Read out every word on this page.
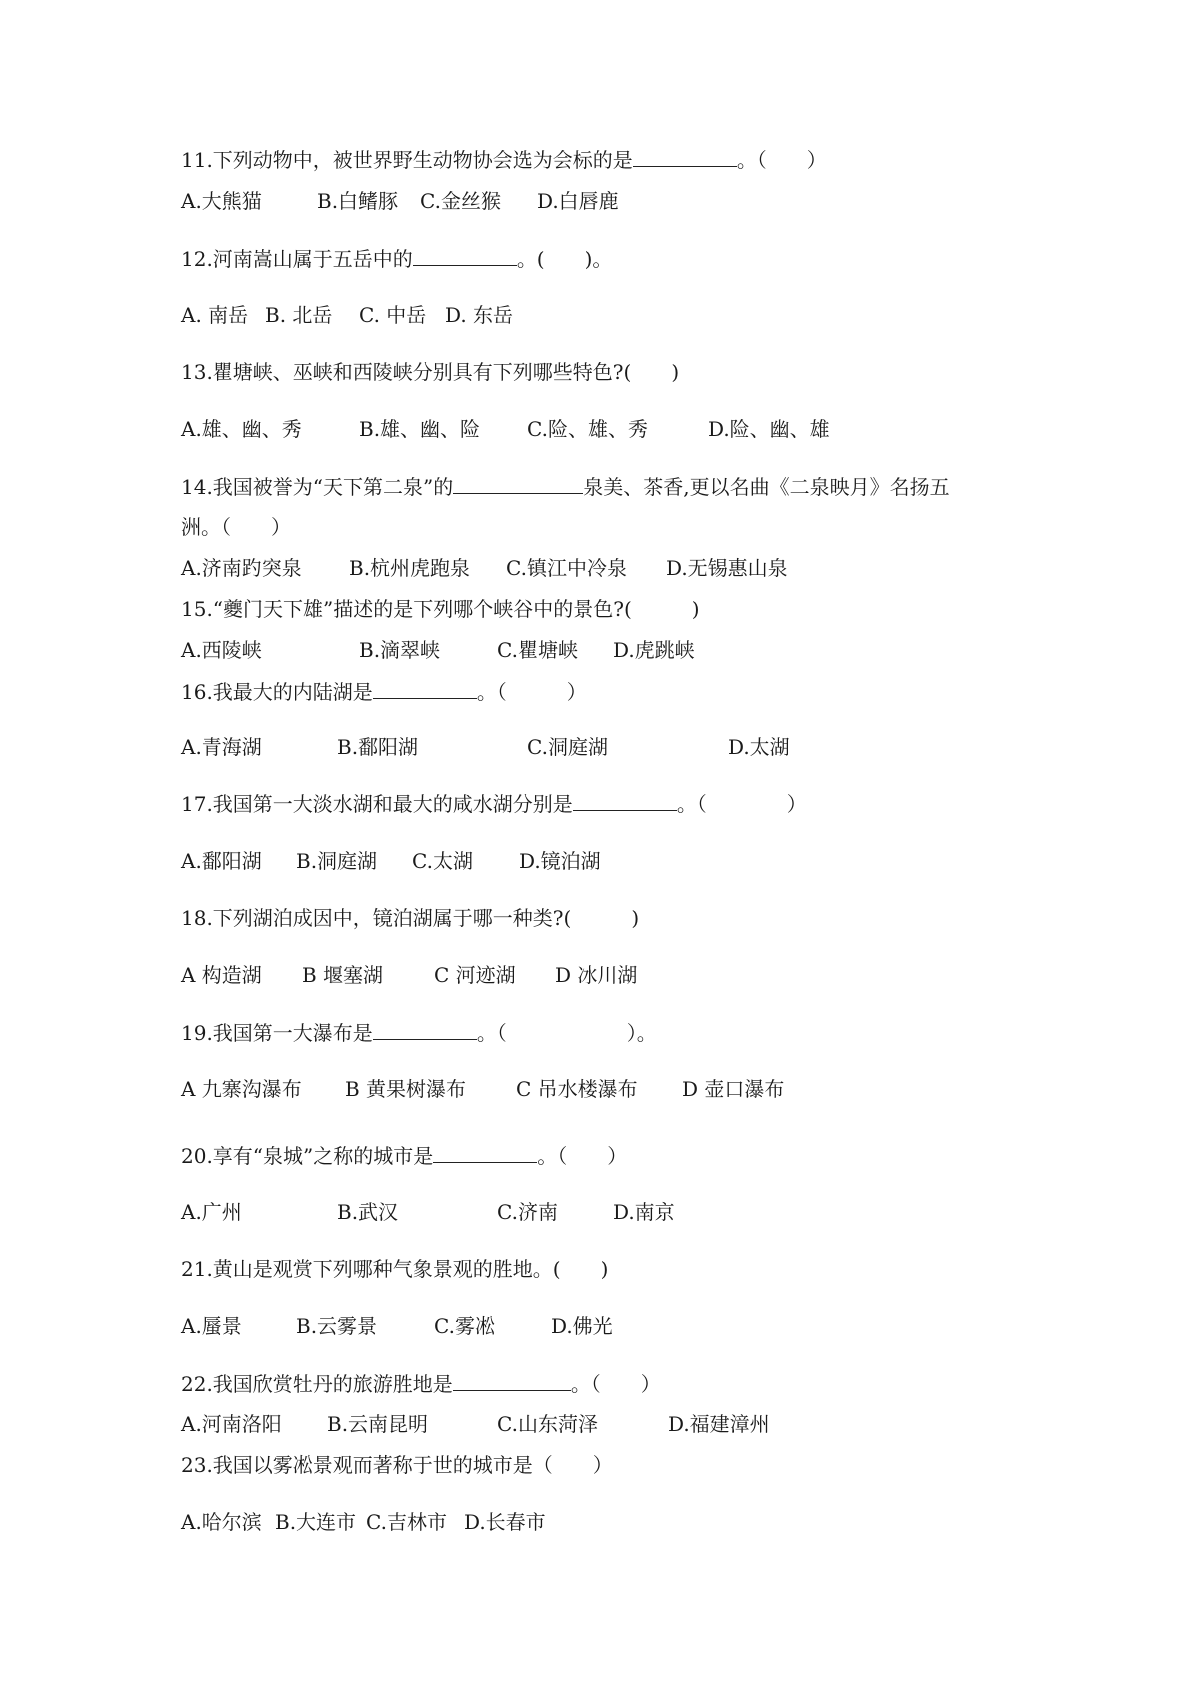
11.下列动物中，被世界野生动物协会选为会标的是	。（　　）
A.大熊猫	B.白鳍豚 C.金丝猴 D.白唇鹿
12.河南嵩山属于五岳中的	。(　　)。
A. 南岳 B. 北岳 C. 中岳 D. 东岳
13.瞿塘峡、巫峡和西陵峡分别具有下列哪些特色?(　　)
A.雄、幽、秀	B.雄、幽、险 C.险、雄、秀	D.险、幽、雄
14.我国被誉为“天下第二泉”的	泉美、茶香,更以名曲《二泉映月》名扬五
洲。（　　）
A.济南趵突泉 B.杭州虎跑泉 C.镇江中冷泉 D.无锡惠山泉
15.“夔门天下雄”描述的是下列哪个峡谷中的景色?(　　　)
A.西陵峡	B.滴翠峡	C.瞿塘峡 D.虎跳峡
16.我最大的内陆湖是	。（　　　）
A.青海湖	B.鄱阳湖	C.洞庭湖	D.太湖
17.我国第一大淡水湖和最大的咸水湖分别是	。（　　　　）
A.鄱阳湖 B.洞庭湖 C.太湖 D.镜泊湖
18.下列湖泊成因中，镜泊湖属于哪一种类?(　　　)
A 构造湖 B 堰塞湖	C 河迹湖 D 冰川湖
19.我国第一大瀑布是	。（　　　　　　）。
A 九寨沟瀑布 B 黄果树瀑布 C 吊水楼瀑布 D 壶口瀑布
20.享有“泉城”之称的城市是	。（　　）
A.广州	B.武汉	C.济南	D.南京
21.黄山是观赏下列哪种气象景观的胜地。(　　)
A.蜃景	B.云雾景	C.雾凇	D.佛光
22.我国欣赏牡丹的旅游胜地是	。（　　）
A.河南洛阳 B.云南昆明	C.山东菏泽	D.福建漳州
23.我国以雾凇景观而著称于世的城市是（　　）
A.哈尔滨 B.大连市 C.吉林市 D.长春市
